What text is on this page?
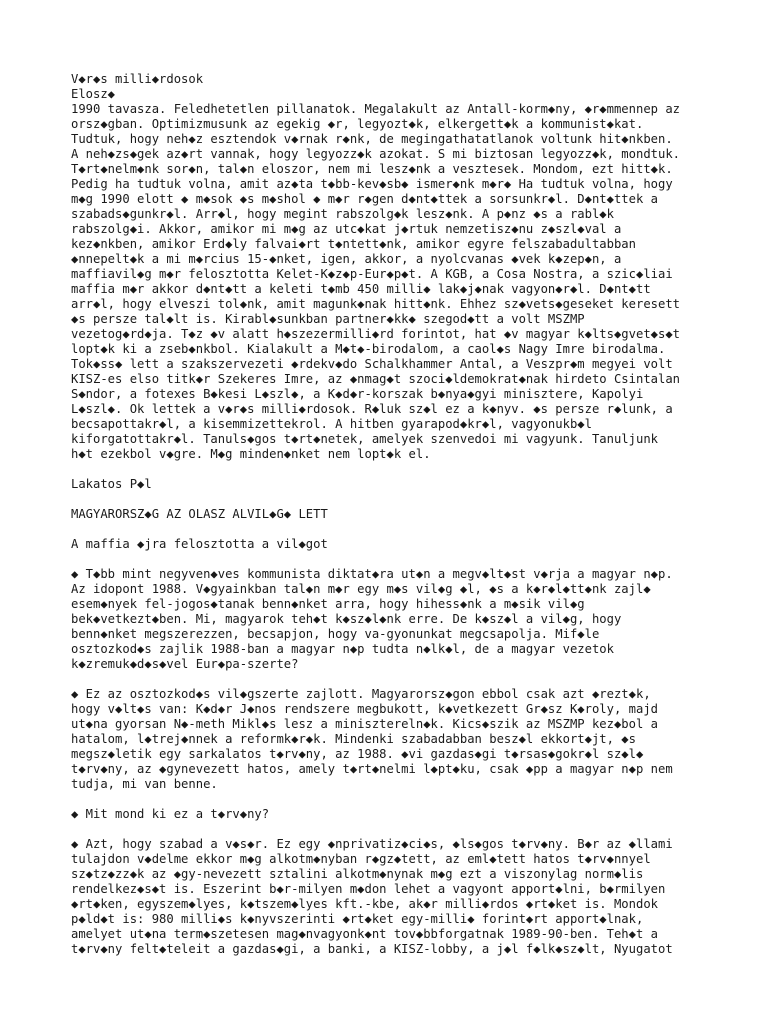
V◆r◆s milli◆rdosok
Elosz◆
1990 tavasza. Feledhetetlen pillanatok. Megalakult az Antall-korm◆ny, ◆r◆mmennep az
orsz◆gban. Optimizmusunk az egekig ◆r, legyozt◆k, elkergett◆k a kommunist◆kat.
Tudtuk, hogy neh◆z esztendok v◆rnak r◆nk, de megingathatatlanok voltunk hit◆nkben.
A neh◆zs◆gek az◆rt vannak, hogy legyozz◆k azokat. S mi biztosan legyozz◆k, mondtuk.
T◆rt◆nelm◆nk sor◆n, tal◆n eloszor, nem mi lesz◆nk a vesztesek. Mondom, ezt hitt◆k.
Pedig ha tudtuk volna, amit az◆ta t◆bb-kev◆sb◆ ismer◆nk m◆r◆ Ha tudtuk volna, hogy
m◆g 1990 elott ◆ m◆sok ◆s m◆shol ◆ m◆r r◆gen d◆nt◆ttek a sorsunkr◆l. D◆nt◆ttek a
szabads◆gunkr◆l. Arr◆l, hogy megint rabszolg◆k lesz◆nk. A p◆nz ◆s a rabl◆k
rabszolg◆i. Akkor, amikor mi m◆g az utc◆kat j◆rtuk nemzetisz◆nu z◆szl◆val a
kez◆nkben, amikor Erd◆ly falvai◆rt t◆ntett◆nk, amikor egyre felszabadultabban
◆nnepelt◆k a mi m◆rcius 15-◆nket, igen, akkor, a nyolcvanas ◆vek k◆zep◆n, a
maffiavil◆g m◆r felosztotta Kelet-K◆z◆p-Eur◆p◆t. A KGB, a Cosa Nostra, a szic◆liai
maffia m◆r akkor d◆nt◆tt a keleti t◆mb 450 milli◆ lak◆j◆nak vagyon◆r◆l. D◆nt◆tt
arr◆l, hogy elveszi tol◆nk, amit magunk◆nak hitt◆nk. Ehhez sz◆vets◆geseket keresett
◆s persze tal◆lt is. Kirabl◆sunkban partner◆kk◆ szegod◆tt a volt MSZMP
vezetog◆rd◆ja. T◆z ◆v alatt h◆szezermilli◆rd forintot, hat ◆v magyar k◆lts◆gvet◆s◆t
lopt◆k ki a zseb◆nkbol. Kialakult a M◆t◆-birodalom, a caol◆s Nagy Imre birodalma.
Tok◆ss◆ lett a szakszervezeti ◆rdekv◆do Schalkhammer Antal, a Veszpr◆m megyei volt
KISZ-es elso titk◆r Szekeres Imre, az ◆nmag◆t szoci◆ldemokrat◆nak hirdeto Csintalan
S◆ndor, a fotexes B◆kesi L◆szl◆, a K◆d◆r-korszak b◆nya◆gyi minisztere, Kapolyi
L◆szl◆. Ok lettek a v◆r◆s milli◆rdosok. R◆luk sz◆l ez a k◆nyv. ◆s persze r◆lunk, a
becsapottakr◆l, a kisemmizettekrol. A hitben gyarapod◆kr◆l, vagyonukb◆l
kiforgatottakr◆l. Tanuls◆gos t◆rt◆netek, amelyek szenvedoi mi vagyunk. Tanuljunk
h◆t ezekbol v◆gre. M◆g minden◆nket nem lopt◆k el.
Lakatos P◆l
MAGYARORSZ◆G AZ OLASZ ALVIL◆G◆ LETT
A maffia ◆jra felosztotta a vil◆got
◆ T◆bb mint negyven◆ves kommunista diktat◆ra ut◆n a megv◆lt◆st v◆rja a magyar n◆p.
Az idopont 1988. V◆gyainkban tal◆n m◆r egy m◆s vil◆g ◆l, ◆s a k◆r◆l◆tt◆nk zajl◆
esem◆nyek fel-jogos◆tanak benn◆nket arra, hogy hihess◆nk a m◆sik vil◆g
bek◆vetkezt◆ben. Mi, magyarok teh◆t k◆sz◆l◆nk erre. De k◆sz◆l a vil◆g, hogy
benn◆nket megszerezzen, becsapjon, hogy va-gyonunkat megcsapolja. Mif◆le
osztozkod◆s zajlik 1988-ban a magyar n◆p tudta n◆lk◆l, de a magyar vezetok
k◆zremuk◆d◆s◆vel Eur◆pa-szerte?
◆ Ez az osztozkod◆s vil◆gszerte zajlott. Magyarorsz◆gon ebbol csak azt ◆rezt◆k,
hogy v◆lt◆s van: K◆d◆r J◆nos rendszere megbukott, k◆vetkezett Gr◆sz K◆roly, majd
ut◆na gyorsan N◆-meth Mikl◆s lesz a minisztereln◆k. Kics◆szik az MSZMP kez◆bol a
hatalom, l◆trej◆nnek a reformk◆r◆k. Mindenki szabadabban besz◆l ekkort◆jt, ◆s
megsz◆letik egy sarkalatos t◆rv◆ny, az 1988. ◆vi gazdas◆gi t◆rsas◆gokr◆l sz◆l◆
t◆rv◆ny, az ◆gynevezett hatos, amely t◆rt◆nelmi l◆pt◆ku, csak ◆pp a magyar n◆p nem
tudja, mi van benne.
◆ Mit mond ki ez a t◆rv◆ny?
◆ Azt, hogy szabad a v◆s◆r. Ez egy ◆nprivatiz◆ci◆s, ◆ls◆gos t◆rv◆ny. B◆r az ◆llami
tulajdon v◆delme ekkor m◆g alkotm◆nyban r◆gz◆tett, az eml◆tett hatos t◆rv◆nnyel
sz◆tz◆zz◆k az ◆gy-nevezett sztalini alkotm◆nynak m◆g ezt a viszonylag norm◆lis
rendelkez◆s◆t is. Eszerint b◆r-milyen m◆don lehet a vagyont apport◆lni, b◆rmilyen
◆rt◆ken, egyszem◆lyes, k◆tszem◆lyes kft.-kbe, ak◆r milli◆rdos ◆rt◆ket is. Mondok
p◆ld◆t is: 980 milli◆s k◆nyvszerinti ◆rt◆ket egy-milli◆ forint◆rt apport◆lnak,
amelyet ut◆na term◆szetesen mag◆nvagyonk◆nt tov◆bbforgatnak 1989-90-ben. Teh◆t a
t◆rv◆ny felt◆teleit a gazdas◆gi, a banki, a KISZ-lobby, a j◆l f◆lk◆sz◆lt, Nyugatot
